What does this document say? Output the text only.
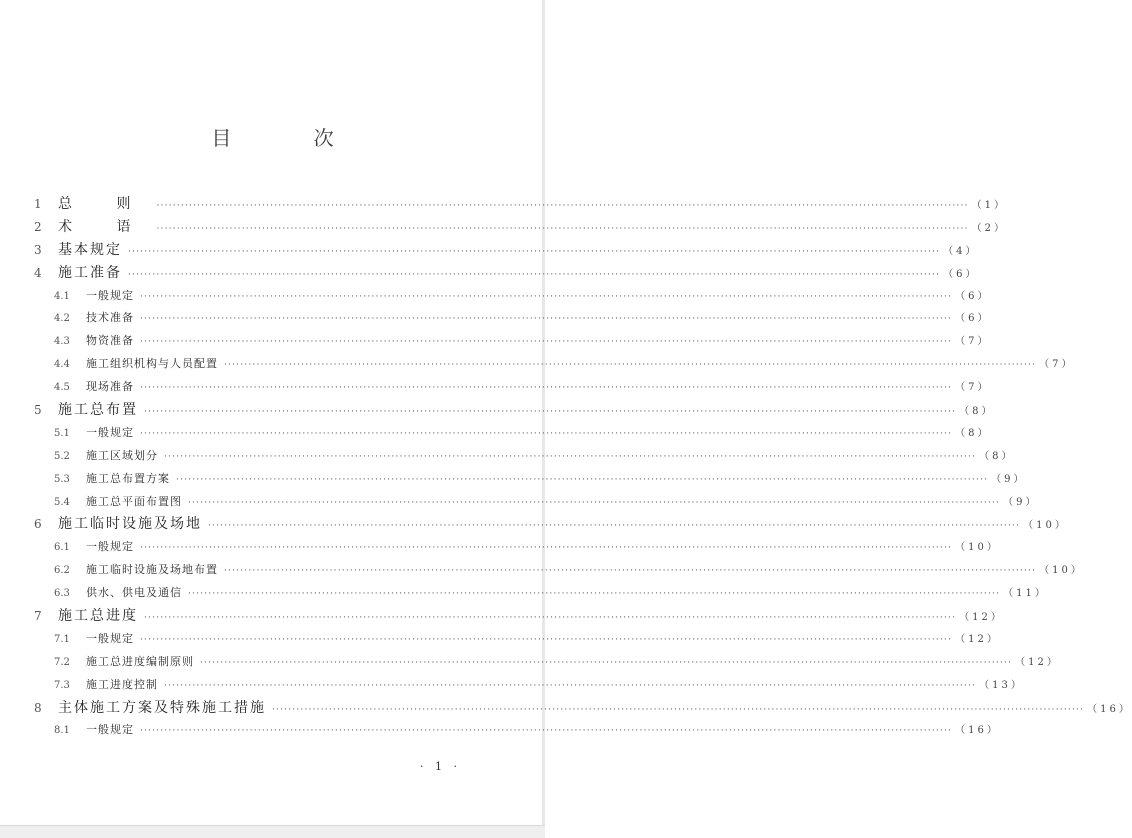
目 次
1	总 则 ········································································································································································································ （1）
2	术 语 ········································································································································································································ （2）
3	基本规定 ········································································································································································································ （4）
4	施工准备 ········································································································································································································ （6）
4.1	一般规定 ········································································································································································································ （6）
4.2	技术准备 ········································································································································································································ （6）
4.3	物资准备 ········································································································································································································ （7）
4.4	施工组织机构与人员配置 ········································································································································································································ （7）
4.5	现场准备 ········································································································································································································ （7）
5	施工总布置 ········································································································································································································ （8）
5.1	一般规定 ········································································································································································································ （8）
5.2	施工区域划分 ········································································································································································································ （8）
5.3	施工总布置方案 ········································································································································································································ （9）
5.4	施工总平面布置图 ········································································································································································································ （9）
6	施工临时设施及场地 ········································································································································································································ （10）
6.1	一般规定 ········································································································································································································ （10）
6.2	施工临时设施及场地布置 ········································································································································································································ （10）
6.3	供水、供电及通信 ········································································································································································································ （11）
7	施工总进度 ········································································································································································································ （12）
7.1	一般规定 ········································································································································································································ （12）
7.2	施工总进度编制原则 ········································································································································································································ （12）
7.3	施工进度控制 ········································································································································································································ （13）
8	主体施工方案及特殊施工措施 ········································································································································································································ （16）
8.1	一般规定 ········································································································································································································ （16）
· 1 ·
